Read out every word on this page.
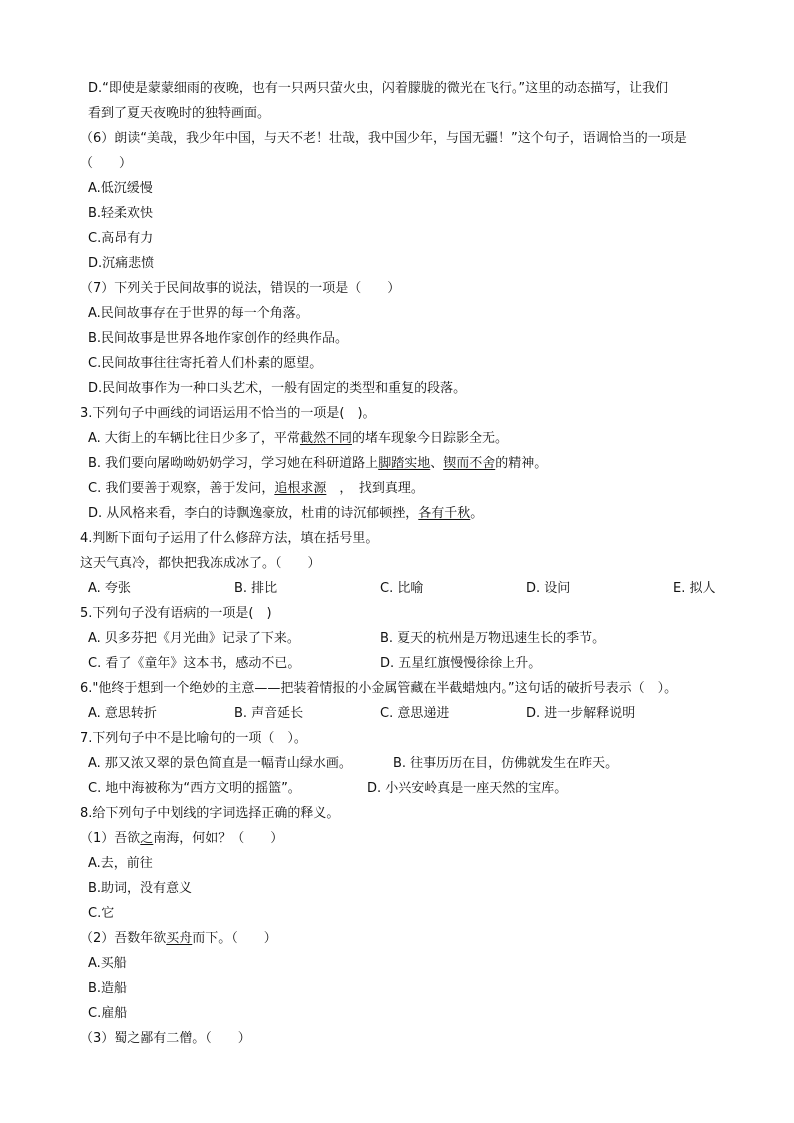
D.“即使是蒙蒙细雨的夜晚，也有一只两只萤火虫，闪着朦胧的微光在飞行。”这里的动态描写，让我们
看到了夏天夜晚时的独特画面。
（6）朗读“美哉，我少年中国，与天不老！壮哉，我中国少年，与国无疆！”这个句子，语调恰当的一项是
（　　）
A.低沉缓慢
B.轻柔欢快
C.高昂有力
D.沉痛悲愤
（7）下列关于民间故事的说法，错误的一项是（　　）
A.民间故事存在于世界的每一个角落。
B.民间故事是世界各地作家创作的经典作品。
C.民间故事往往寄托着人们朴素的愿望。
D.民间故事作为一种口头艺术，一般有固定的类型和重复的段落。
3.下列句子中画线的词语运用不恰当的一项是(　)。
A. 大街上的车辆比往日少多了，平常截然不同的堵车现象今日踪影全无。
B. 我们要向屠呦呦奶奶学习，学习她在科研道路上脚踏实地、锲而不舍的精神。
C. 我们要善于观察，善于发问，追根求源　，　找到真理。
D. 从风格来看，李白的诗飘逸豪放，杜甫的诗沉郁顿挫，各有千秋。
4.判断下面句子运用了什么修辞方法，填在括号里。
这天气真冷，都快把我冻成冰了。（　　）
A. 夸张	B. 排比	C. 比喻	D. 设问	E. 拟人
5.下列句子没有语病的一项是(　)
A. 贝多芬把《月光曲》记录了下来。	B. 夏天的杭州是万物迅速生长的季节。
C. 看了《童年》这本书，感动不已。	D. 五星红旗慢慢徐徐上升。
6."他终于想到一个绝妙的主意——把装着情报的小金属管藏在半截蜡烛内。”这句话的破折号表示（　）。
A. 意思转折	B. 声音延长	C. 意思递进	D. 进一步解释说明
7.下列句子中不是比喻句的一项（　）。
A. 那又浓又翠的景色简直是一幅青山绿水画。	B. 往事历历在目，仿佛就发生在昨天。
C. 地中海被称为“西方文明的摇篮”。	D. 小兴安岭真是一座天然的宝库。
8.给下列句子中划线的字词选择正确的释义。
（1）吾欲之南海，何如？（　　）
A.去，前往
B.助词，没有意义
C.它
（2）吾数年欲买舟而下。（　　）
A.买船
B.造船
C.雇船
（3）蜀之鄙有二僧。（　　）
